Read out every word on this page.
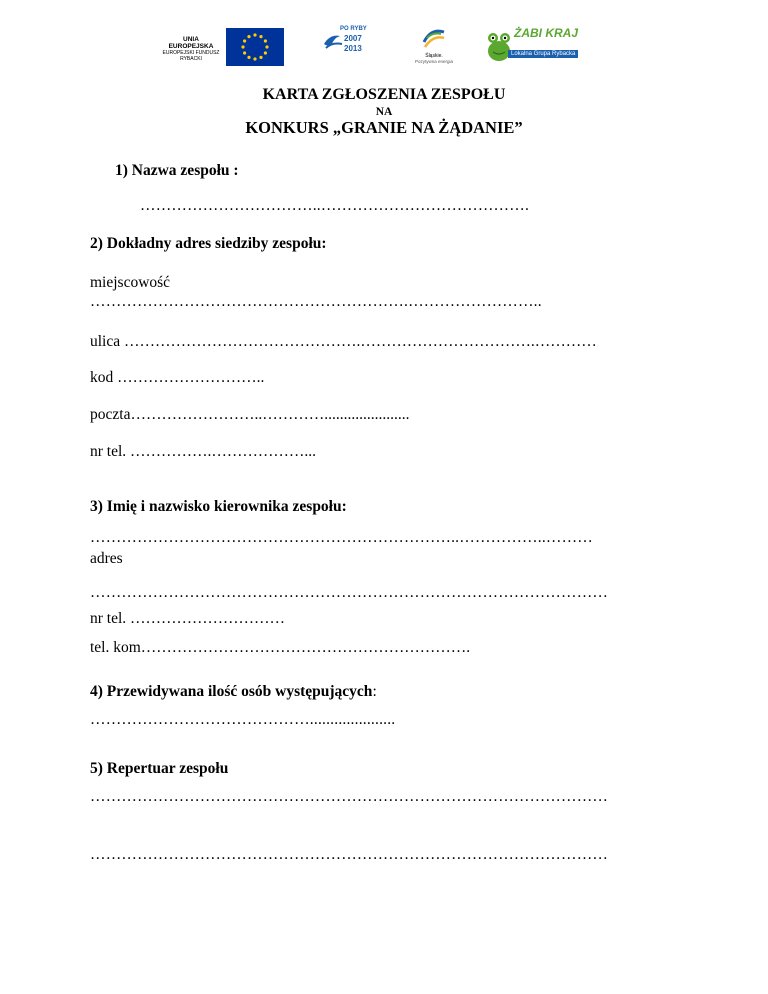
UNIA EUROPEJSKA
EUROPEJSKI FUNDUSZ
RYBACKI
PO RYBY
2007
2013
Śląskie.
Pozytywna energia
ŻABI KRAJ
Lokalna Grupa Rybacka
KARTA ZGŁOSZENIA ZESPOŁU
NA
KONKURS „GRANIE NA ŻĄDANIE”
1) Nazwa zespołu :
……………………………..………………………………….
2) Dokładny adres siedziby zespołu:
miejscowość
…………………………………………………….……………………..
ulica ……………………………………….…………………………….…………
kod ………………………..
poczta……………………..…………......................
nr tel. …………….………………...
3) Imię i nazwisko kierownika zespołu:
……………………………………………………………..……………..………
adres
………………………………………………………………………………………
nr tel. …………………………
tel. kom……………………………………………………….
4) Przewidywana ilość osób występujących:
…………………………………….....................
5) Repertuar zespołu
………………………………………………………………………………………
………………………………………………………………………………………
